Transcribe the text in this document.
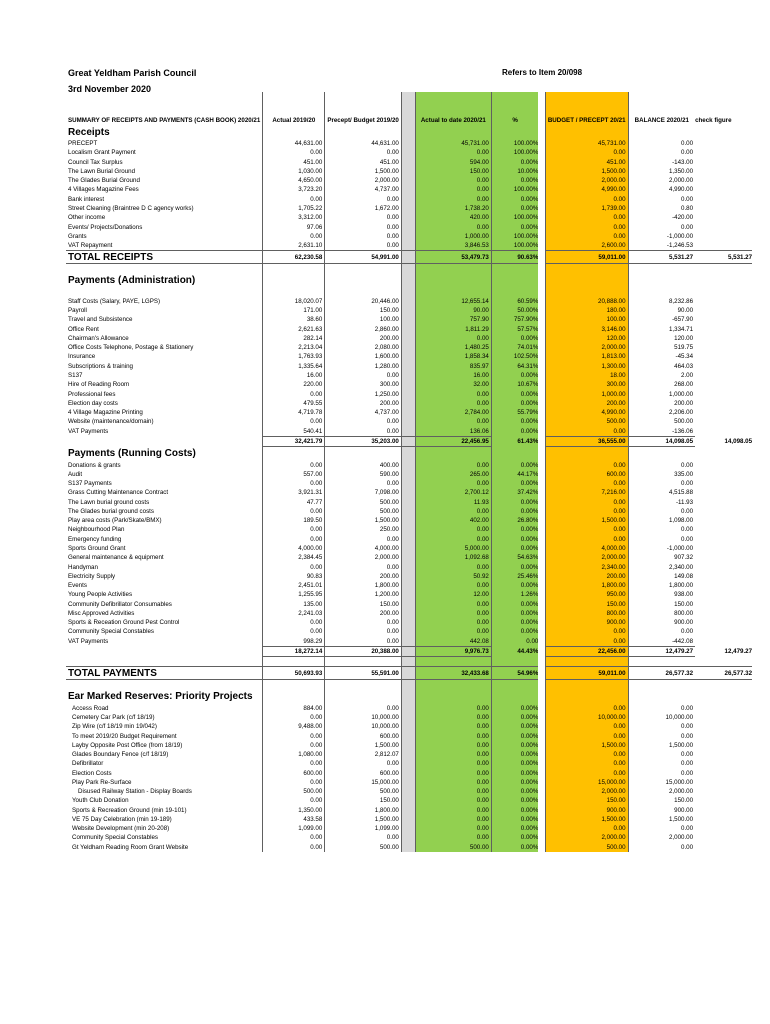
Great Yeldham Parish Council
3rd November 2020
Refers to Item 20/098
SUMMARY OF RECEIPTS AND PAYMENTS (CASH BOOK) 2020/21	Actual 2019/20	Precept/ Budget 2019/20		Actual to date 2020/21	%		BUDGET / PRECEPT 20/21	BALANCE 2020/21	check figure
Receipts									
PRECEPT	44,631.00	44,631.00		45,731.00	100.00%		45,731.00	0.00	
Localism Grant Payment	0.00	0.00		0.00	100.00%		0.00	0.00	
Council Tax Surplus	451.00	451.00		594.00	0.00%		451.00	-143.00	
The Lawn Burial Ground	1,030.00	1,500.00		150.00	10.00%		1,500.00	1,350.00	
The Glades Burial Ground	4,650.00	2,000.00		0.00	0.00%		2,000.00	2,000.00	
4 Villages Magazine Fees	3,723.20	4,737.00		0.00	100.00%		4,990.00	4,990.00	
Bank interest	0.00	0.00		0.00	0.00%		0.00	0.00	
Street Cleaning (Braintree D C agency works)	1,705.22	1,672.00		1,738.20	0.00%		1,739.00	0.80	
Other income	3,312.00	0.00		420.00	100.00%		0.00	-420.00	
Events/ Projects/Donations	97.06	0.00		0.00	0.00%		0.00	0.00	
Grants	0.00	0.00		1,000.00	100.00%		0.00	-1,000.00	
VAT Repayment	2,631.10	0.00		3,846.53	100.00%		2,600.00	-1,246.53	
TOTAL RECEIPTS	62,230.58	54,991.00		53,479.73	90.63%		59,011.00	5,531.27	5,531.27

Payments (Administration)									

Staff Costs (Salary, PAYE, LGPS)	18,020.07	20,446.00		12,655.14	60.59%		20,888.00	8,232.86	
Payroll	171.00	150.00		90.00	50.00%		180.00	90.00	
Travel and Subsistence	38.60	100.00		757.90	757.90%		100.00	-657.90	
Office Rent	2,621.63	2,860.00		1,811.29	57.57%		3,146.00	1,334.71	
Chairman's Allowance	282.14	200.00		0.00	0.00%		120.00	120.00	
Office Costs Telephone, Postage & Stationery	2,213.04	2,080.00		1,480.25	74.01%		2,000.00	519.75	
Insurance	1,763.93	1,600.00		1,858.34	102.50%		1,813.00	-45.34	
Subscriptions & training	1,335.64	1,280.00		835.97	64.31%		1,300.00	464.03	
S137	16.00	0.00		16.00	0.00%		18.00	2.00	
Hire of Reading Room	220.00	300.00		32.00	10.67%		300.00	268.00	
Professional fees	0.00	1,250.00		0.00	0.00%		1,000.00	1,000.00	
Election day costs	479.55	200.00		0.00	0.00%		200.00	200.00	
4 Village Magazine Printing	4,719.78	4,737.00		2,784.00	55.79%		4,990.00	2,206.00	
Website (maintenance/domain)	0.00	0.00		0.00	0.00%		500.00	500.00	
VAT Payments	540.41	0.00		136.06	0.00%		0.00	-136.06	
	32,421.79	35,203.00		22,456.95	61.43%		36,555.00	14,098.05	14,098.05
Payments (Running Costs)									
Donations & grants	0.00	400.00		0.00	0.00%		0.00	0.00	
Audit	557.00	590.00		265.00	44.17%		600.00	335.00	
S137 Payments	0.00	0.00		0.00	0.00%		0.00	0.00	
Grass Cutting Maintenance Contract	3,921.31	7,098.00		2,700.12	37.42%		7,216.00	4,515.88	
The Lawn burial ground costs	47.77	500.00		11.93	0.00%		0.00	-11.93	
The Glades burial ground costs	0.00	500.00		0.00	0.00%		0.00	0.00	
Play area costs (Park/Skate/BMX)	189.50	1,500.00		402.00	26.80%		1,500.00	1,098.00	
Neighbourhood Plan	0.00	250.00		0.00	0.00%		0.00	0.00	
Emergency funding	0.00	0.00		0.00	0.00%		0.00	0.00	
Sports Ground Grant	4,000.00	4,000.00		5,000.00	0.00%		4,000.00	-1,000.00	
General maintenance & equipment	2,384.45	2,000.00		1,092.68	54.63%		2,000.00	907.32	
Handyman	0.00	0.00		0.00	0.00%		2,340.00	2,340.00	
Electricity Supply	90.83	200.00		50.92	25.46%		200.00	149.08	
Events	2,451.01	1,800.00		0.00	0.00%		1,800.00	1,800.00	
Young People Activities	1,255.95	1,200.00		12.00	1.26%		950.00	938.00	
Community Defibrillator Consumables	135.00	150.00		0.00	0.00%		150.00	150.00	
Misc Approved Activities	2,241.03	200.00		0.00	0.00%		800.00	800.00	
Sports & Receation Ground Pest Control	0.00	0.00		0.00	0.00%		900.00	900.00	
Community Special Constables	0.00	0.00		0.00	0.00%		0.00	0.00	
VAT Payments	998.29	0.00		442.08	0.00		0.00	-442.08	
	18,272.14	20,388.00		9,976.73	44.43%		22,456.00	12,479.27	12,479.27

TOTAL PAYMENTS	50,693.93	55,591.00		32,433.68	54.96%		59,011.00	26,577.32	26,577.32

Ear Marked Reserves: Priority Projects									
Access Road	884.00	0.00		0.00	0.00%		0.00	0.00	
Cemetery Car Park (c/f 18/19)	0.00	10,000.00		0.00	0.00%		10,000.00	10,000.00	
Zip Wire (c/f 18/19 min 19/042)	9,488.00	10,000.00		0.00	0.00%		0.00	0.00	
To meet 2019/20 Budget Requirement	0.00	600.00		0.00	0.00%		0.00	0.00	
Layby Opposite Post Office (from 18/19)	0.00	1,500.00		0.00	0.00%		1,500.00	1,500.00	
Glades Boundary Fence (c/f 18/19)	1,080.00	2,812.07		0.00	0.00%		0.00	0.00	
Defibrillator	0.00	0.00		0.00	0.00%		0.00	0.00	
Election Costs	600.00	600.00		0.00	0.00%		0.00	0.00	
Play Park Re-Surface	0.00	15,000.00		0.00	0.00%		15,000.00	15,000.00	
Disused Railway Station - Display Boards	500.00	500.00		0.00	0.00%		2,000.00	2,000.00	
Youth Club Donation	0.00	150.00		0.00	0.00%		150.00	150.00	
Sports & Recreation Ground (min 19-101)	1,350.00	1,800.00		0.00	0.00%		900.00	900.00	
VE 75 Day Celebration (min 19-189)	433.58	1,500.00		0.00	0.00%		1,500.00	1,500.00	
Website Development (min 20-208)	1,099.00	1,099.00		0.00	0.00%		0.00	0.00	
Community Special Constables	0.00	0.00		0.00	0.00%		2,000.00	2,000.00	
Gt Yeldham Reading Room Grant Website	0.00	500.00		500.00	0.00%		500.00	0.00	
